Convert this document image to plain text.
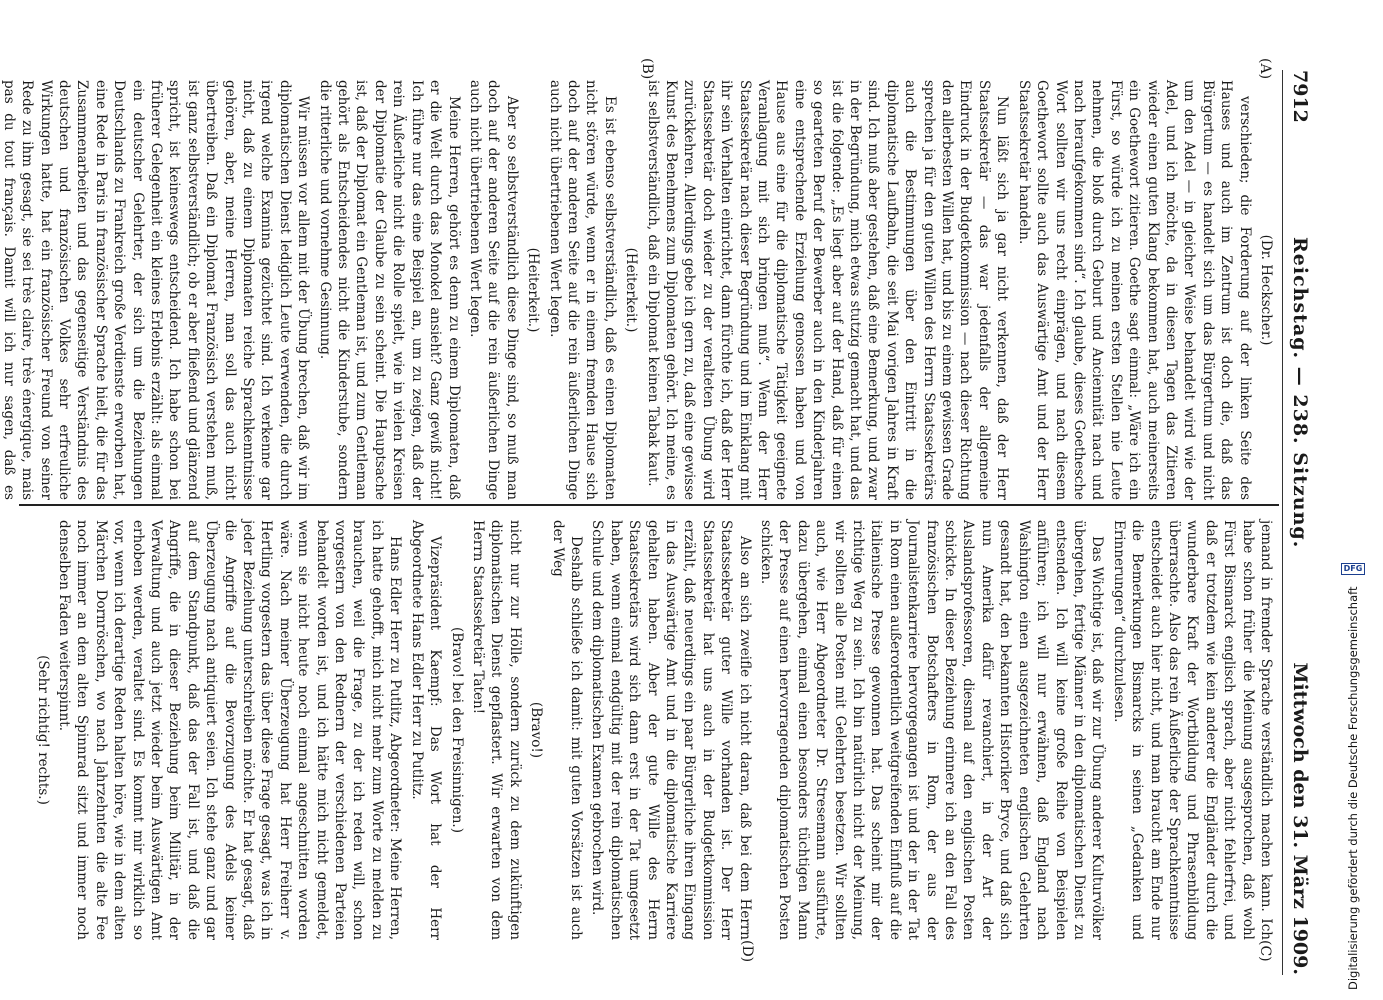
7912
Reichstag. — 238. Sitzung.
Mittwoch den 31. März 1909.
(A)
(B)
(C)
(D)

(Dr. Heckscher.)

verschieden; die Forderung auf der linken Seite des Hauses und auch im Zentrum ist doch die, daß das Bürgertum — es handelt sich um das Bürgertum und nicht um den Adel — in gleicher Weise behandelt wird wie der Adel, und ich möchte, da in diesen Tagen das Zitieren wieder einen guten Klang bekommen hat, auch meinerseits ein Goethewort zitieren. Goethe sagt einmal: „Wäre ich ein Fürst, so würde ich zu meinen ersten Stellen nie Leute nehmen, die bloß durch Geburt und Anciennität nach und nach heraufgekommen sind“. Ich glaube, dieses Goethesche Wort sollten wir uns recht einprägen, und nach diesem Goethewort sollte auch das Auswärtige Amt und der Herr Staatssekretär handeln.

Nun läßt sich ja gar nicht verkennen, daß der Herr Staatssekretär — das war jedenfalls der allgemeine Eindruck in der Budgetkommission — nach dieser Richtung den allerbesten Willen hat, und bis zu einem gewissen Grade sprechen ja für den guten Willen des Herrn Staatssekretärs auch die Bestimmungen über den Eintritt in die diplomatische Laufbahn, die seit Mai vorigen Jahres in Kraft sind. Ich muß aber gestehen, daß eine Bemerkung, und zwar in der Begründung, mich etwas stutzig gemacht hat, und das ist die folgende: „Es liegt aber auf der Hand, daß für einen so gearteten Beruf der Bewerber auch in den Kinderjahren eine entsprechende Erziehung genossen haben und von Hause aus eine für die diplomatische Tätigkeit geeignete Veranlagung mit sich bringen muß“. Wenn der Herr Staatssekretär nach dieser Begründung und im Einklang mit ihr sein Verhalten einrichtet, dann fürchte ich, daß der Herr Staatssekretär doch wieder zu der veralteten Übung wird zurückkehren. Allerdings gebe ich gern zu, daß eine gewisse Kunst des Benehmens zum Diplomaten gehört. Ich meine, es ist selbstverständlich, daß ein Diplomat keinen Tabak kaut.

(Heiterkeit.)

Es ist ebenso selbstverständlich, daß es einen Diplomaten nicht stören würde, wenn er in einem fremden Hause sich doch auf der anderen Seite auf die rein äußerlichen Dinge auch nicht übertriebenen Wert legen.

(Heiterkeit.)

Aber so selbstverständlich diese Dinge sind, so muß man doch auf der anderen Seite auf die rein äußerlichen Dinge auch nicht übertriebenen Wert legen.

Meine Herren, gehört es denn zu einem Diplomaten, daß er die Welt durch das Monokel ansieht? Ganz gewiß nicht! Ich führe nur das eine Beispiel an, um zu zeigen, daß der rein Äußerliche nicht die Rolle spielt, wie in vielen Kreisen der Diplomatie der Glaube zu sein scheint. Die Hauptsache ist, daß der Diplomat ein Gentleman ist, und zum Gentleman gehört als Entscheidendes nicht die Kinderstube, sondern die ritterliche und vornehme Gesinnung.

Wir müssen vor allem mit der Übung brechen, daß wir im diplomatischen Dienst lediglich Leute verwenden, die durch irgend welche Examina gezüchtet sind. Ich verkenne gar nicht, daß zu einem Diplomaten reiche Sprachkenntnisse gehören, aber, meine Herren, man soll das auch nicht übertreiben. Daß ein Diplomat Französisch verstehen muß, ist ganz selbstverständlich; ob er aber fließend und glänzend spricht, ist keineswegs entscheidend. Ich habe schon bei früherer Gelegenheit ein kleines Erlebnis erzählt: als einmal ein deutscher Gelehrter, der sich um die Beziehungen Deutschlands zu Frankreich große Verdienste erworben hat, eine Rede in Paris in französischer Sprache hielt, die für das Zusammenarbeiten und das gegenseitige Verständnis des deutschen und französischen Volkes sehr erfreuliche Wirkungen hatte, hat ein französischer Freund von seiner Rede zu ihm gesagt, sie sei très claire, très énergique, mais pas du tout français. Damit will ich nur sagen, daß es

jemand in fremder Sprache verständlich machen kann. Ich habe schon früher die Meinung ausgesprochen, daß wohl Fürst Bismarck englisch sprach, aber nicht fehlerfrei, und daß er trotzdem wie kein anderer die Engländer durch die wunderbare Kraft der Wortbildung und Phrasenbildung überraschte. Also das rein Äußerliche der Sprachkenntnisse entscheidet auch hier nicht, und man braucht am Ende nur die Bemerkungen Bismarcks in seinen „Gedanken und Erinnerungen“ durchzulesen.

Das Wichtige ist, daß wir zur Übung anderer Kulturvölker übergehen, fertige Männer in den diplomatischen Dienst zu entsenden. Ich will keine große Reihe von Beispielen anführen; ich will nur erwähnen, daß England nach Washington einen ausgezeichneten englischen Gelehrten gesandt hat, den bekannten Historiker Bryce, und daß sich nun Amerika dafür revanchiert, in der Art der Auslandsprofessoren, diesmal auf den englischen Posten schickte. In dieser Beziehung erinnere ich an den Fall des französischen Botschafters in Rom, der aus der Journalistenkarriere hervorgegangen ist und der in der Tat in Rom einen außerordentlich weitgreifenden Einfluß auf die italienische Presse gewonnen hat. Das scheint mir der richtige Weg zu sein. Ich bin natürlich nicht der Meinung, wir sollten alle Posten mit Gelehrten besetzen. Wir sollten auch, wie Herr Abgeordneter Dr. Stresemann ausführte, dazu übergehen, einmal einen besonders tüchtigen Mann der Presse auf einen hervorragenden diplomatischen Posten schicken.

Also an sich zweifle ich nicht daran, daß bei dem Herrn Staatssekretär guter Wille vorhanden ist. Der Herr Staatssekretär hat uns auch in der Budgetkommission erzählt, daß neuerdings ein paar Bürgerliche ihren Eingang in das Auswärtige Amt und in die diplomatische Karriere gehalten haben. Aber der gute Wille des Herrn Staatssekretärs wird sich dann erst in der Tat umgesetzt haben, wenn einmal endgültig mit der rein diplomatischen Schule und dem diplomatischen Examen gebrochen wird.

Deshalb schließe ich damit: mit guten Vorsätzen ist auch der Weg

(Bravo!)

nicht nur zur Hölle, sondern zurück zu dem zukünftigen diplomatischen Dienst gepflastert. Wir erwarten von dem Herrn Staatssekretär Taten!

(Bravo! bei den Freisinnigen.)

Vizepräsident Kaempf: Das Wort hat der Herr Abgeordnete Hans Edler Herr zu Putlitz.

Hans Edler Herr zu Putlitz, Abgeordneter: Meine Herren, ich hatte gehofft, mich nicht mehr zum Worte zu melden zu brauchen, weil die Frage, zu der ich reden will, schon vorgestern von den Rednern der verschiedenen Parteien behandelt worden ist, und ich hätte mich nicht gemeldet, wenn sie nicht heute noch einmal angeschnitten worden wäre. Nach meiner Überzeugung hat Herr Freiherr v. Hertling vorgestern das über diese Frage gesagt, was ich in jeder Beziehung unterschreiben möchte. Er hat gesagt, daß die Angriffe auf die Bevorzugung des Adels keiner Überzeugung nach antiquiert seien. Ich stehe ganz und gar auf dem Standpunkt, daß das der Fall ist, und daß die Angriffe, die in dieser Beziehung beim Militär, in der Verwaltung und auch jetzt wieder beim Auswärtigen Amt erhoben werden, veraltet sind. Es kommt mir wirklich so vor, wenn ich derartige Reden halten höre, wie in dem alten Märchen Dornröschen, wo nach Jahrzehnten die alte Fee noch immer an dem alten Spinnrad sitzt und immer noch denselben Faden weiterspinnt.

(Sehr richtig! rechts.)	Digitalisierung gefördert durch die Deutsche Forschungsgemeinschaft
DFG
